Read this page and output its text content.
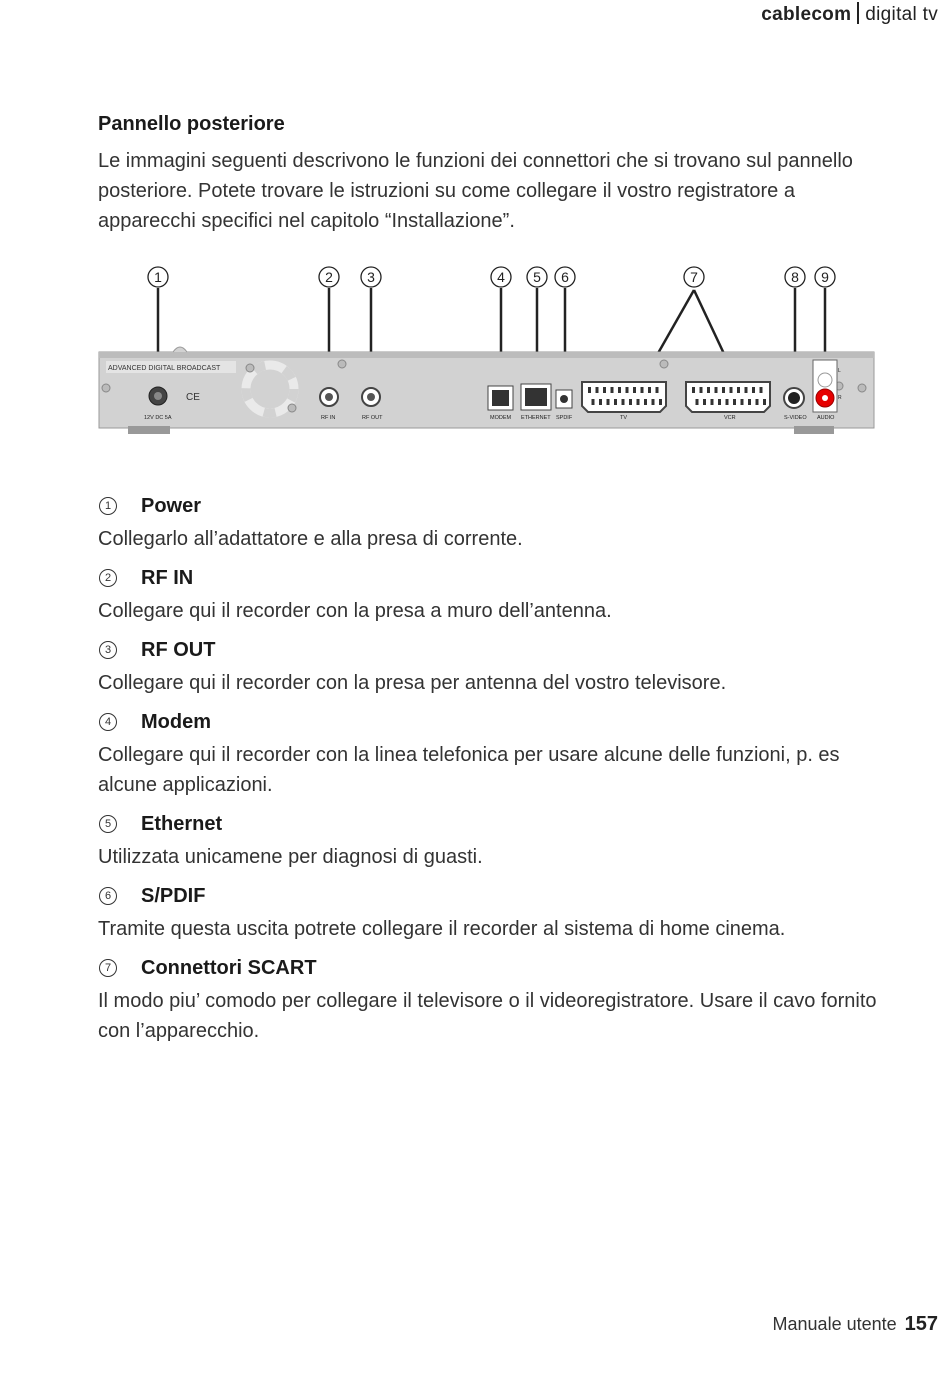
cablecom digital tv
Pannello posteriore

Le immagini seguenti descrivono le funzioni dei connettori che si trovano sul pannello posteriore. Potete trovare le istruzioni su come collegare il vostro registratore a apparecchi specifici nel capitolo “Installazione”.

1	2 3	4 5 6	7	8 9
ADVANCED DIGITAL BROADCAST
CE
12V DC 5A	RF IN	RF OUT	MODEM ETHERNET SPDIF	TV	VCR	S-VIDEO
L
R
AUDIO
1 Power
Collegarlo all’adattatore e alla presa di corrente.
2 RF IN
Collegare qui il recorder con la presa a muro dell’antenna.
3 RF OUT
Collegare qui il recorder con la presa per antenna del vostro televisore.
4 Modem
Collegare qui il recorder con la linea telefonica per usare alcune delle funzioni, p. es alcune applicazioni.
5 Ethernet
Utilizzata unicamene per diagnosi di guasti.
6 S/PDIF
Tramite questa uscita potrete collegare il recorder al sistema di home cinema.
7 Connettori SCART
Il modo piu’ comodo per collegare il televisore o il videoregistratore. Usare il cavo fornito con l’apparecchio.
Manuale utente 157
